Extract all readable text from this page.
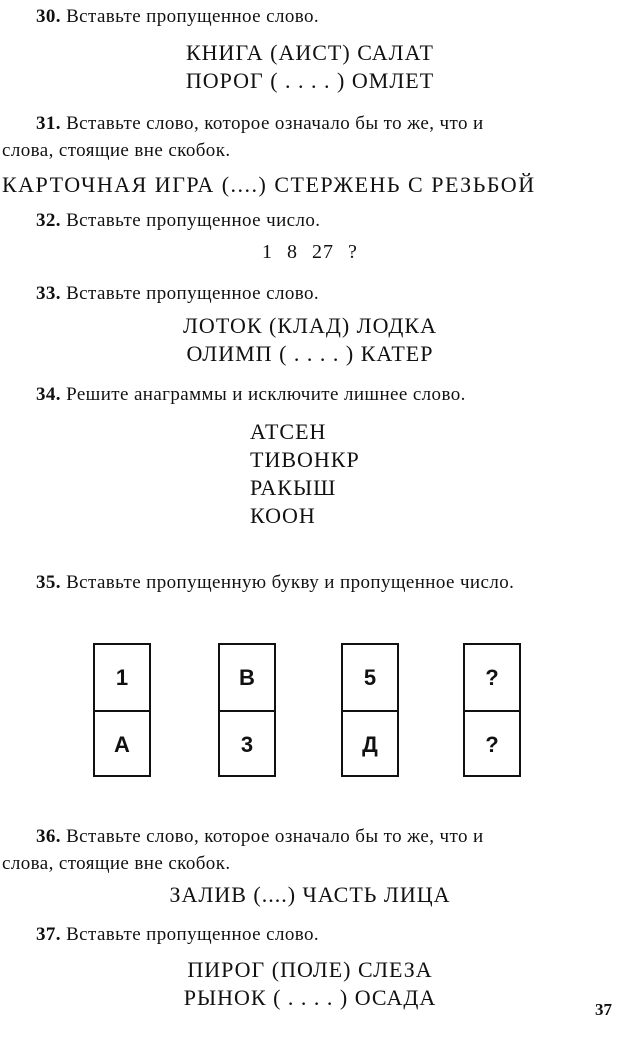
30. Вставьте пропущенное слово.
КНИГА (АИСТ) САЛАТ
ПОРОГ ( . . . . ) ОМЛЕТ
31. Вставьте слово, которое означало бы то же, что и
слова, стоящие вне скобок.
КАРТОЧНАЯ ИГРА (....) СТЕРЖЕНЬ С РЕЗЬБОЙ
32. Вставьте пропущенное число.
1 8 27 ?
33. Вставьте пропущенное слово.
ЛОТОК (КЛАД) ЛОДКА
ОЛИМП ( . . . . ) КАТЕР
34. Решите анаграммы и исключите лишнее слово.
АТСЕН
ТИВОНКР
РАКЫШ
КООН
35. Вставьте пропущенную букву и пропущенное число.
1
А
В
3
5
Д
?
?
36. Вставьте слово, которое означало бы то же, что и
слова, стоящие вне скобок.
ЗАЛИВ (....) ЧАСТЬ ЛИЦА
37. Вставьте пропущенное слово.
ПИРОГ (ПОЛЕ) СЛЕЗА
РЫНОК ( . . . . ) ОСАДА	37
